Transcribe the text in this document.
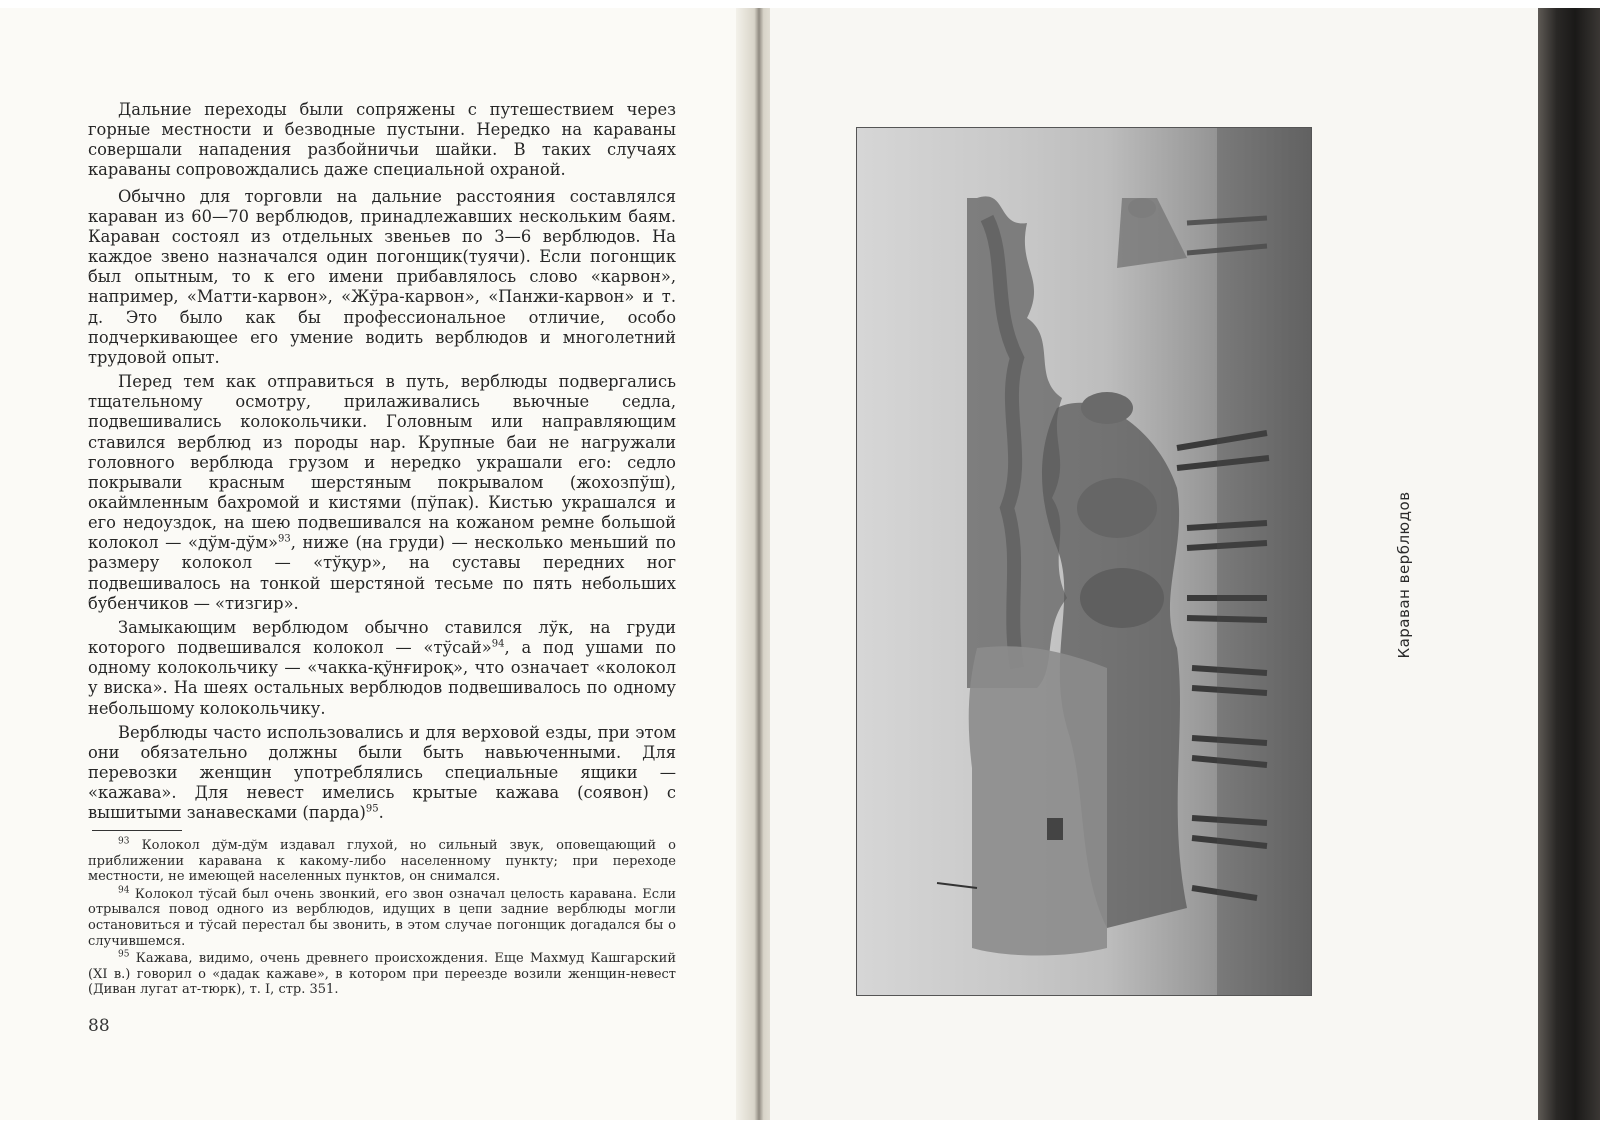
Дальние переходы были сопряжены с путешествием через горные местности и безводные пустыни. Нередко на караваны совершали нападения разбойничьи шайки. В таких случаях караваны сопровождались даже специальной охраной.

Обычно для торговли на дальние расстояния составлялся караван из 60—70 верблюдов, принадлежавших нескольким баям. Караван состоял из отдельных звеньев по 3—6 верблюдов. На каждое звено назначался один погонщик(туячи). Если погонщик был опытным, то к его имени прибавлялось слово «карвон», например, «Матти-карвон», «Жўра-карвон», «Панжи-карвон» и т. д. Это было как бы профессиональное отличие, особо подчеркивающее его умение водить верблюдов и многолетний трудовой опыт.

Перед тем как отправиться в путь, верблюды подвергались тщательному осмотру, прилаживались вьючные седла, подвешивались колокольчики. Головным или направляющим ставился верблюд из породы нар. Крупные баи не нагружали головного верблюда грузом и нередко украшали его: седло покрывали красным шерстяным покрывалом (жохозпўш), окаймленным бахромой и кистями (пўпак). Кистью украшался и его недоуздок, на шею подвешивался на кожаном ремне большой колокол — «дўм-дўм»$^{93}$, ниже (на груди) — несколько меньший по размеру колокол — «тўқур», на суставы передних ног подвешивалось на тонкой шерстяной тесьме по пять небольших бубенчиков — «тизгир».

Замыкающим верблюдом обычно ставился лўк, на груди которого подвешивался колокол — «тўсай»$^{94}$, а под ушами по одному колокольчику — «чакка-қўнғироқ», что означает «колокол у виска». На шеях остальных верблюдов подвешивалось по одному небольшому колокольчику.

Верблюды часто использовались и для верховой езды, при этом они обязательно должны были быть навьюченными. Для перевозки женщин употреблялись специальные ящики — «кажава». Для невест имелись крытые кажава (соявон) с вышитыми занавесками (парда)$^{95}$.

$^{93}$ Колокол дўм-дўм издавал глухой, но сильный звук, оповещающий о приближении каравана к какому-либо населенному пункту; при переходе местности, не имеющей населенных пунктов, он снимался.

$^{94}$ Колокол тўсай был очень звонкий, его звон означал целость каравана. Если отрывался повод одного из верблюдов, идущих в цепи задние верблюды могли остановиться и тўсай перестал бы звонить, в этом случае погонщик догадался бы о случившемся.

$^{95}$ Кажава, видимо, очень древнего происхождения. Еще Махмуд Кашгарский (XI в.) говорил о «дадак кажаве», в котором при переезде возили женщин-невест (Диван лугат ат-тюрк), т. I, стр. 351.

88
Караван верблюдов
